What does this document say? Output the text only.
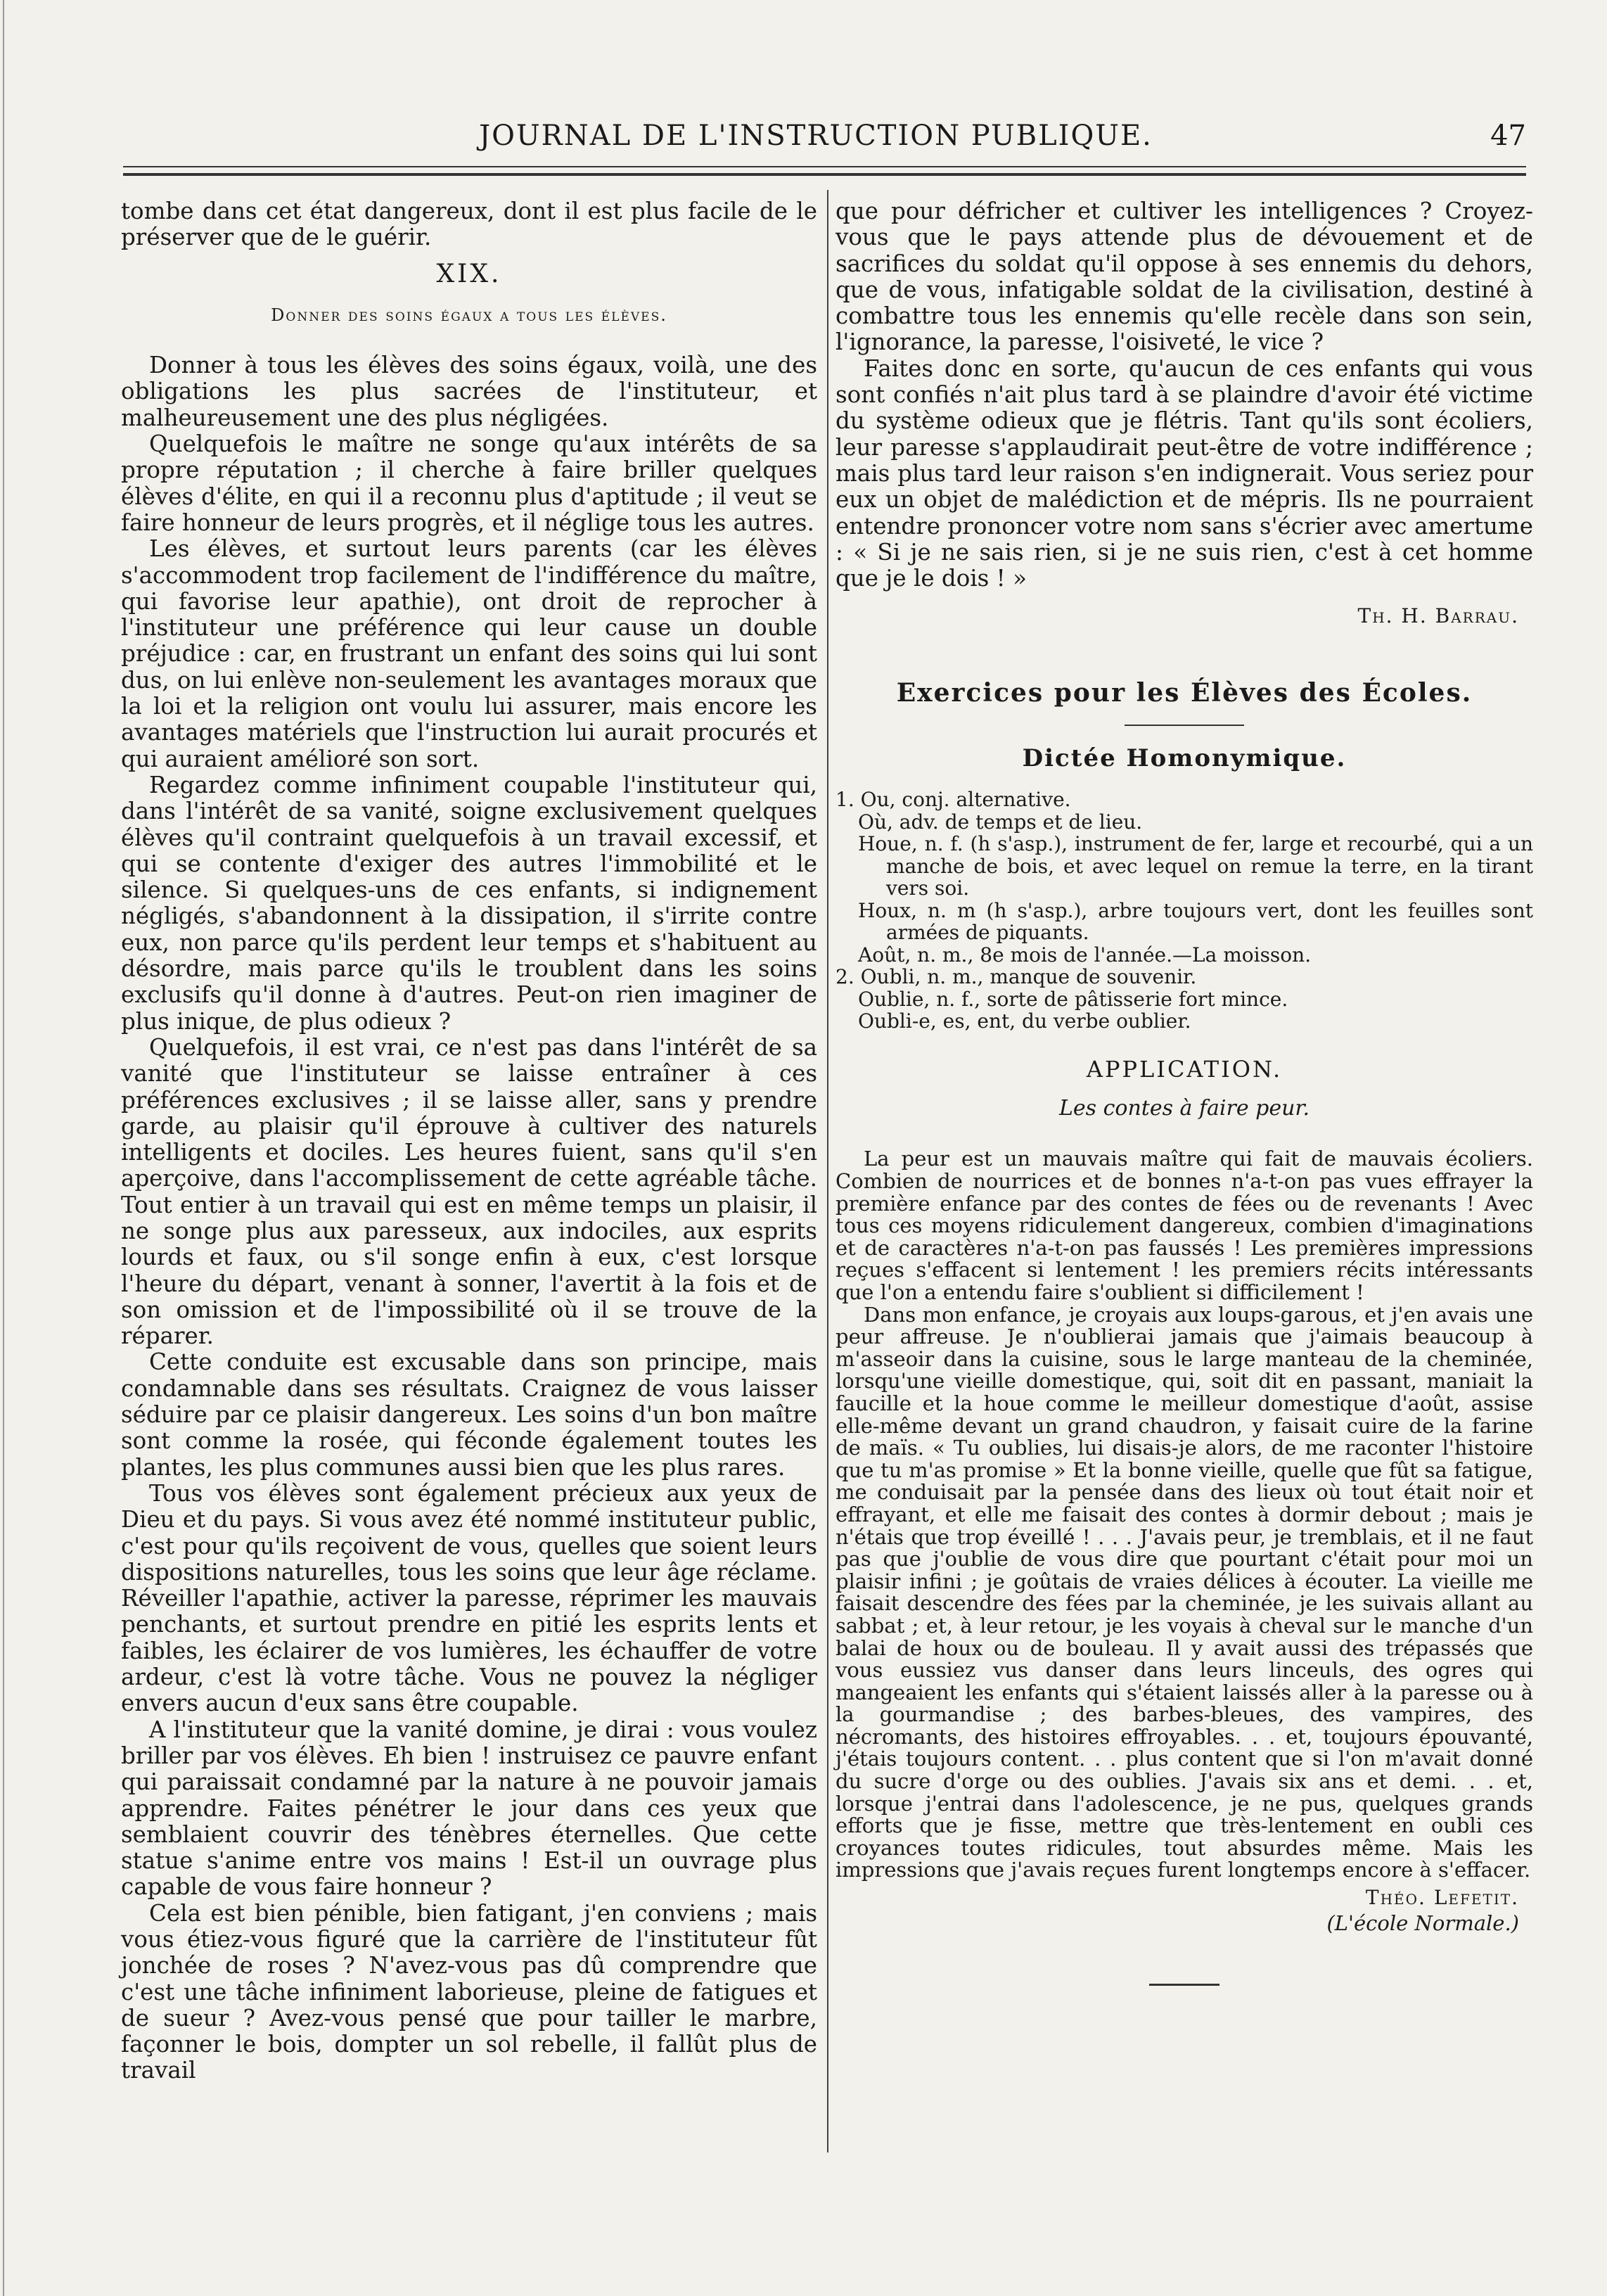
JOURNAL DE L'INSTRUCTION PUBLIQUE.	47

tombe dans cet état dangereux, dont il est plus facile de le préserver que de le guérir.

XIX.
Donner des soins égaux a tous les élèves.

Donner à tous les élèves des soins égaux, voilà, une des obligations les plus sacrées de l'instituteur, et malheureusement une des plus négligées.

Quelquefois le maître ne songe qu'aux intérêts de sa propre réputation ; il cherche à faire briller quelques élèves d'élite, en qui il a reconnu plus d'aptitude ; il veut se faire honneur de leurs progrès, et il néglige tous les autres.

Les élèves, et surtout leurs parents (car les élèves s'accommodent trop facilement de l'indifférence du maître, qui favorise leur apathie), ont droit de reprocher à l'instituteur une préférence qui leur cause un double préjudice : car, en frustrant un enfant des soins qui lui sont dus, on lui enlève non-seulement les avantages moraux que la loi et la religion ont voulu lui assurer, mais encore les avantages matériels que l'instruction lui aurait procurés et qui auraient amélioré son sort.

Regardez comme infiniment coupable l'instituteur qui, dans l'intérêt de sa vanité, soigne exclusivement quelques élèves qu'il contraint quelquefois à un travail excessif, et qui se contente d'exiger des autres l'immobilité et le silence. Si quelques-uns de ces enfants, si indignement négligés, s'abandonnent à la dissipation, il s'irrite contre eux, non parce qu'ils perdent leur temps et s'habituent au désordre, mais parce qu'ils le troublent dans les soins exclusifs qu'il donne à d'autres. Peut-on rien imaginer de plus inique, de plus odieux ?

Quelquefois, il est vrai, ce n'est pas dans l'intérêt de sa vanité que l'instituteur se laisse entraîner à ces préférences exclusives ; il se laisse aller, sans y prendre garde, au plaisir qu'il éprouve à cultiver des naturels intelligents et dociles. Les heures fuient, sans qu'il s'en aperçoive, dans l'accomplissement de cette agréable tâche. Tout entier à un travail qui est en même temps un plaisir, il ne songe plus aux paresseux, aux indociles, aux esprits lourds et faux, ou s'il songe enfin à eux, c'est lorsque l'heure du départ, venant à sonner, l'avertit à la fois et de son omission et de l'impossibilité où il se trouve de la réparer.

Cette conduite est excusable dans son principe, mais condamnable dans ses résultats. Craignez de vous laisser séduire par ce plaisir dangereux. Les soins d'un bon maître sont comme la rosée, qui féconde également toutes les plantes, les plus communes aussi bien que les plus rares.

Tous vos élèves sont également précieux aux yeux de Dieu et du pays. Si vous avez été nommé instituteur public, c'est pour qu'ils reçoivent de vous, quelles que soient leurs dispositions naturelles, tous les soins que leur âge réclame. Réveiller l'apathie, activer la paresse, réprimer les mauvais penchants, et surtout prendre en pitié les esprits lents et faibles, les éclairer de vos lumières, les échauffer de votre ardeur, c'est là votre tâche. Vous ne pouvez la négliger envers aucun d'eux sans être coupable.

A l'instituteur que la vanité domine, je dirai : vous voulez briller par vos élèves. Eh bien ! instruisez ce pauvre enfant qui paraissait condamné par la nature à ne pouvoir jamais apprendre. Faites pénétrer le jour dans ces yeux que semblaient couvrir des ténèbres éternelles. Que cette statue s'anime entre vos mains ! Est-il un ouvrage plus capable de vous faire honneur ?

Cela est bien pénible, bien fatigant, j'en conviens ; mais vous étiez-vous figuré que la carrière de l'instituteur fût jonchée de roses ? N'avez-vous pas dû comprendre que c'est une tâche infiniment laborieuse, pleine de fatigues et de sueur ? Avez-vous pensé que pour tailler le marbre, façonner le bois, dompter un sol rebelle, il fallût plus de travail

que pour défricher et cultiver les intelligences ? Croyez-vous que le pays attende plus de dévouement et de sacrifices du soldat qu'il oppose à ses ennemis du dehors, que de vous, infatigable soldat de la civilisation, destiné à combattre tous les ennemis qu'elle recèle dans son sein, l'ignorance, la paresse, l'oisiveté, le vice ?

Faites donc en sorte, qu'aucun de ces enfants qui vous sont confiés n'ait plus tard à se plaindre d'avoir été victime du système odieux que je flétris. Tant qu'ils sont écoliers, leur paresse s'applaudirait peut-être de votre indifférence ; mais plus tard leur raison s'en indignerait. Vous seriez pour eux un objet de malédiction et de mépris. Ils ne pourraient entendre prononcer votre nom sans s'écrier avec amertume : « Si je ne sais rien, si je ne suis rien, c'est à cet homme que je le dois ! »

Th. H. Barrau.
Exercices pour les Élèves des Écoles.
Dictée Homonymique.

1. Ou, conj. alternative.

Où, adv. de temps et de lieu.

Houe, n. f. (h s'asp.), instrument de fer, large et recourbé, qui a un manche de bois, et avec lequel on remue la terre, en la tirant vers soi.

Houx, n. m (h s'asp.), arbre toujours vert, dont les feuilles sont armées de piquants.

Août, n. m., 8e mois de l'année.—La moisson.

2. Oubli, n. m., manque de souvenir.

Oublie, n. f., sorte de pâtisserie fort mince.

Oubli-e, es, ent, du verbe oublier.

APPLICATION.
Les contes à faire peur.

La peur est un mauvais maître qui fait de mauvais écoliers. Combien de nourrices et de bonnes n'a-t-on pas vues effrayer la première enfance par des contes de fées ou de revenants ! Avec tous ces moyens ridiculement dangereux, combien d'imaginations et de caractères n'a-t-on pas faussés ! Les premières impressions reçues s'effacent si lentement ! les premiers récits intéressants que l'on a entendu faire s'oublient si difficilement !

Dans mon enfance, je croyais aux loups-garous, et j'en avais une peur affreuse. Je n'oublierai jamais que j'aimais beaucoup à m'asseoir dans la cuisine, sous le large manteau de la cheminée, lorsqu'une vieille domestique, qui, soit dit en passant, maniait la faucille et la houe comme le meilleur domestique d'août, assise elle-même devant un grand chaudron, y faisait cuire de la farine de maïs. « Tu oublies, lui disais-je alors, de me raconter l'histoire que tu m'as promise » Et la bonne vieille, quelle que fût sa fatigue, me conduisait par la pensée dans des lieux où tout était noir et effrayant, et elle me faisait des contes à dormir debout ; mais je n'étais que trop éveillé ! . . . J'avais peur, je tremblais, et il ne faut pas que j'oublie de vous dire que pourtant c'était pour moi un plaisir infini ; je goûtais de vraies délices à écouter. La vieille me faisait descendre des fées par la cheminée, je les suivais allant au sabbat ; et, à leur retour, je les voyais à cheval sur le manche d'un balai de houx ou de bouleau. Il y avait aussi des trépassés que vous eussiez vus danser dans leurs linceuls, des ogres qui mangeaient les enfants qui s'étaient laissés aller à la paresse ou à la gourmandise ; des barbes-bleues, des vampires, des nécromants, des histoires effroyables. . . et, toujours épouvanté, j'étais toujours content. . . plus content que si l'on m'avait donné du sucre d'orge ou des oublies. J'avais six ans et demi. . . et, lorsque j'entrai dans l'adolescence, je ne pus, quelques grands efforts que je fisse, mettre que très-lentement en oubli ces croyances toutes ridicules, tout absurdes même. Mais les impressions que j'avais reçues furent longtemps encore à s'effacer.

Théo. Lefetit.
(L'école Normale.)
